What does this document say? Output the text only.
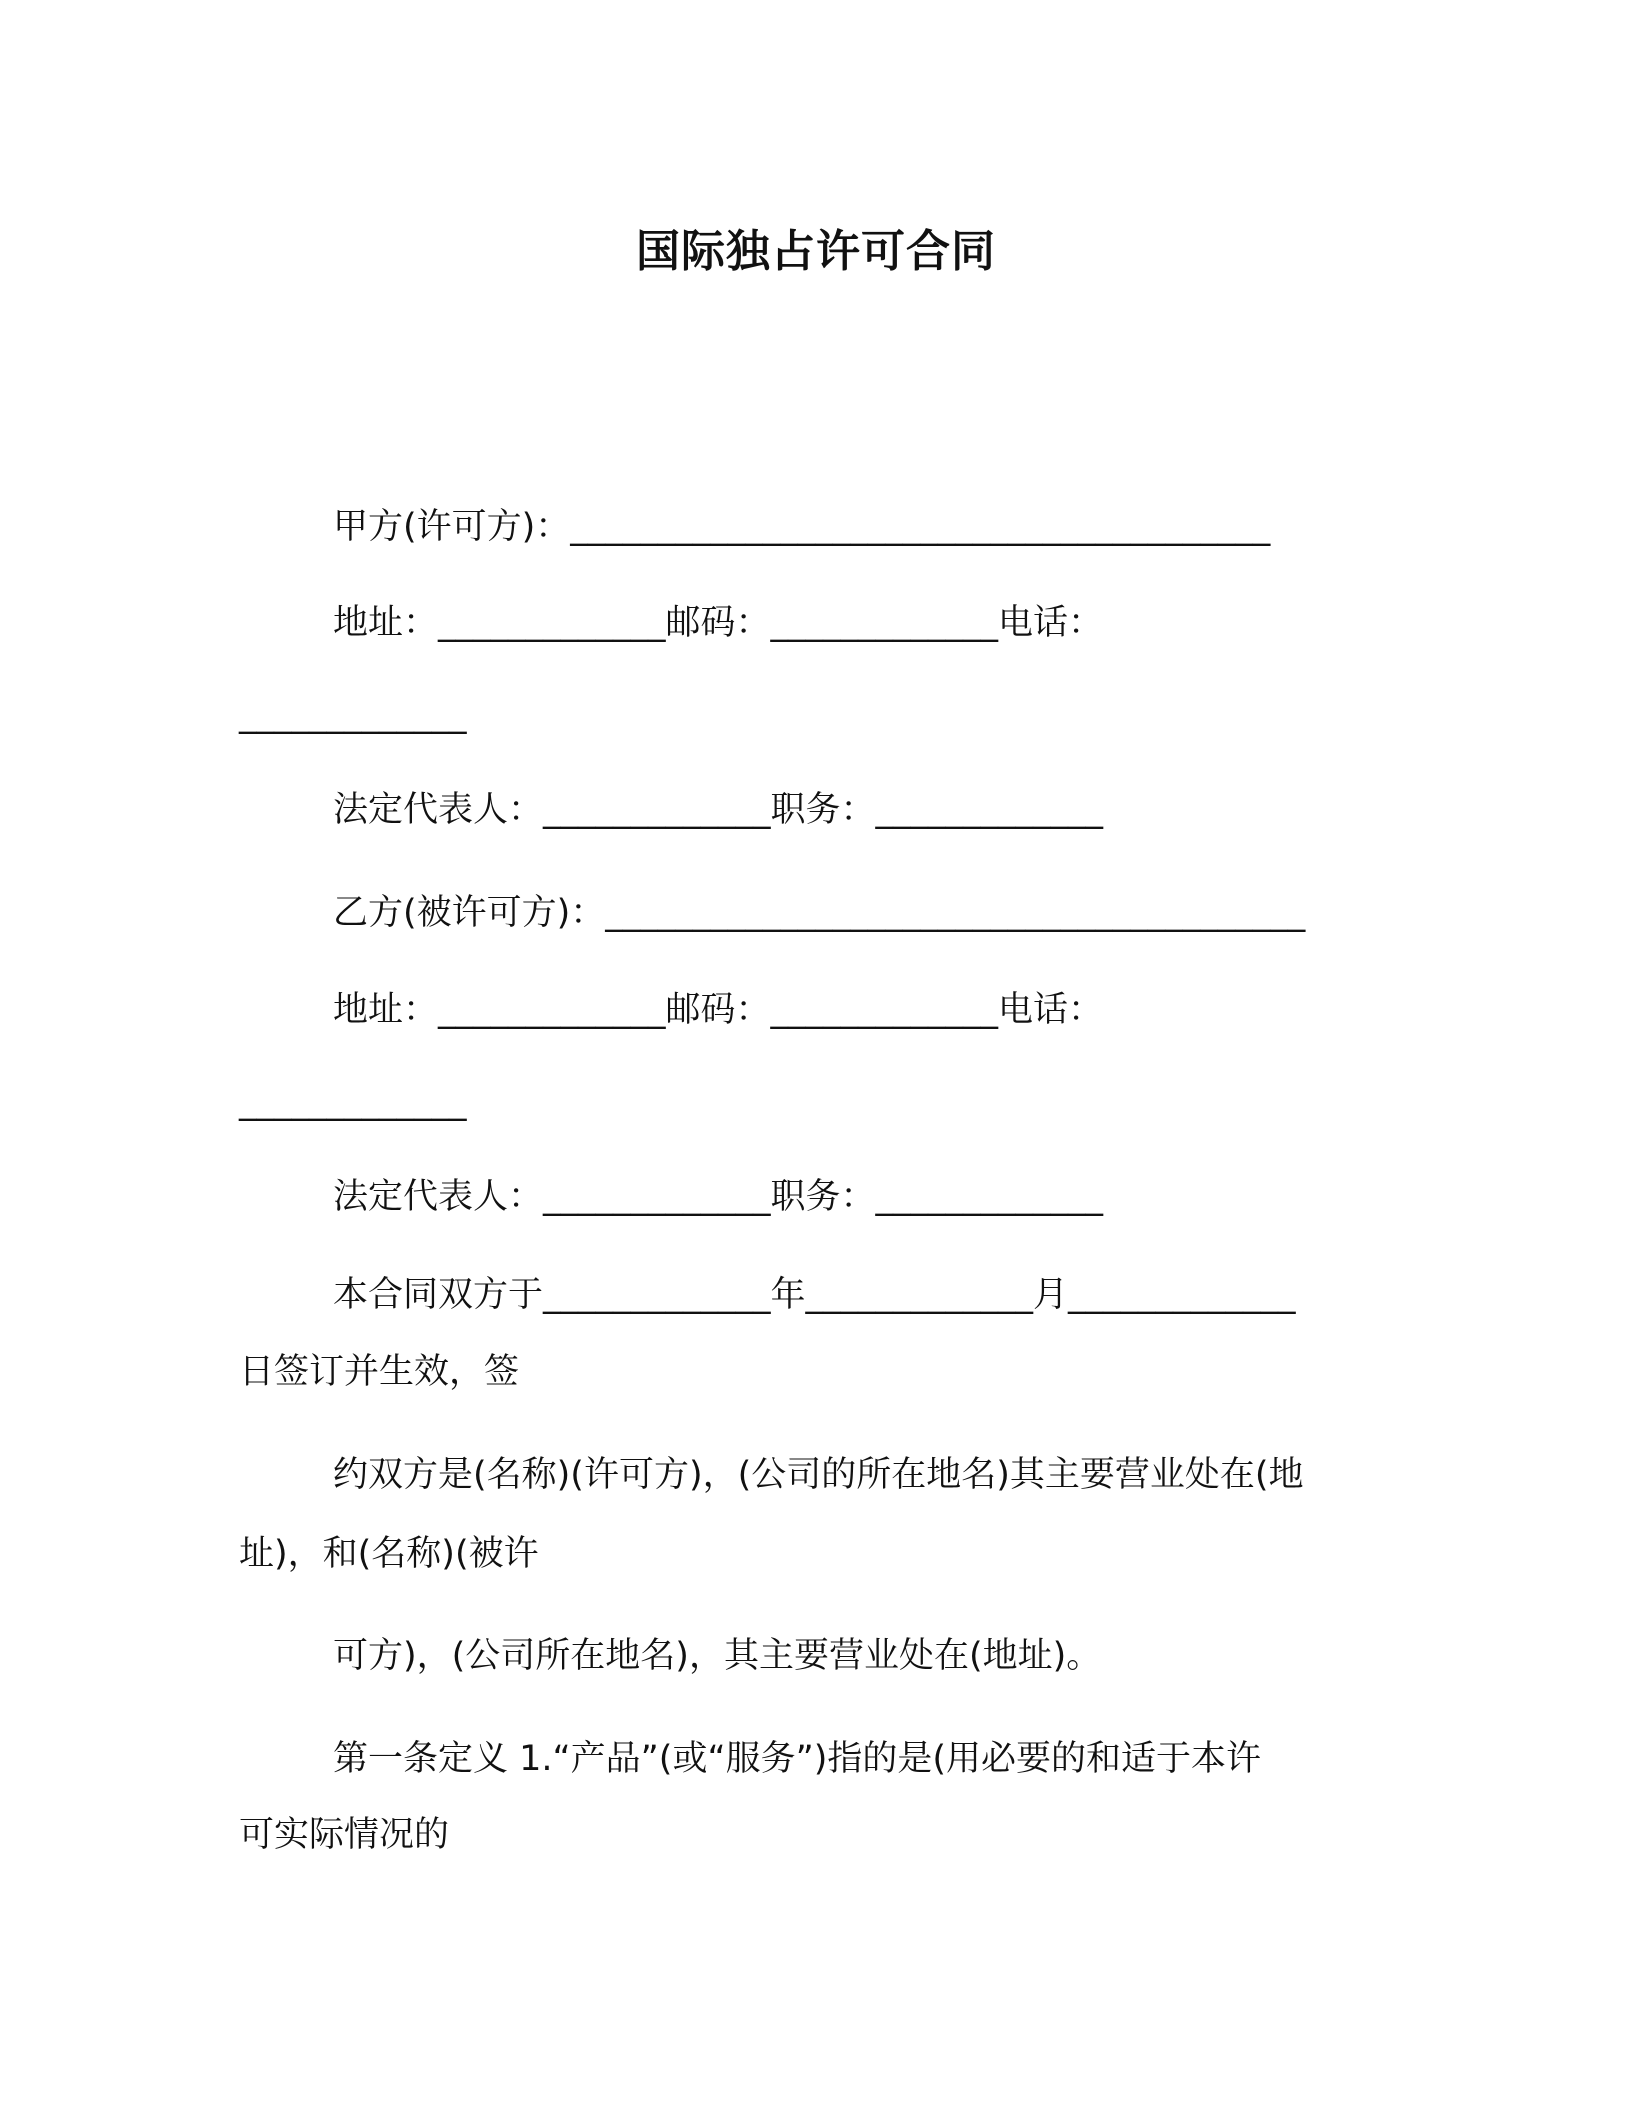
国际独占许可合同
甲方(许可方)：________________________________________
地址：_____________邮码：_____________电话：
_____________
法定代表人：_____________职务：_____________
乙方(被许可方)：________________________________________
地址：_____________邮码：_____________电话：
_____________
法定代表人：_____________职务：_____________
本合同双方于_____________年_____________月_____________
日签订并生效，签
约双方是(名称)(许可方)，(公司的所在地名)其主要营业处在(地
址)，和(名称)(被许
可方)，(公司所在地名)，其主要营业处在(地址)。
第一条定义 1.“产品”(或“服务”)指的是(用必要的和适于本许
可实际情况的
